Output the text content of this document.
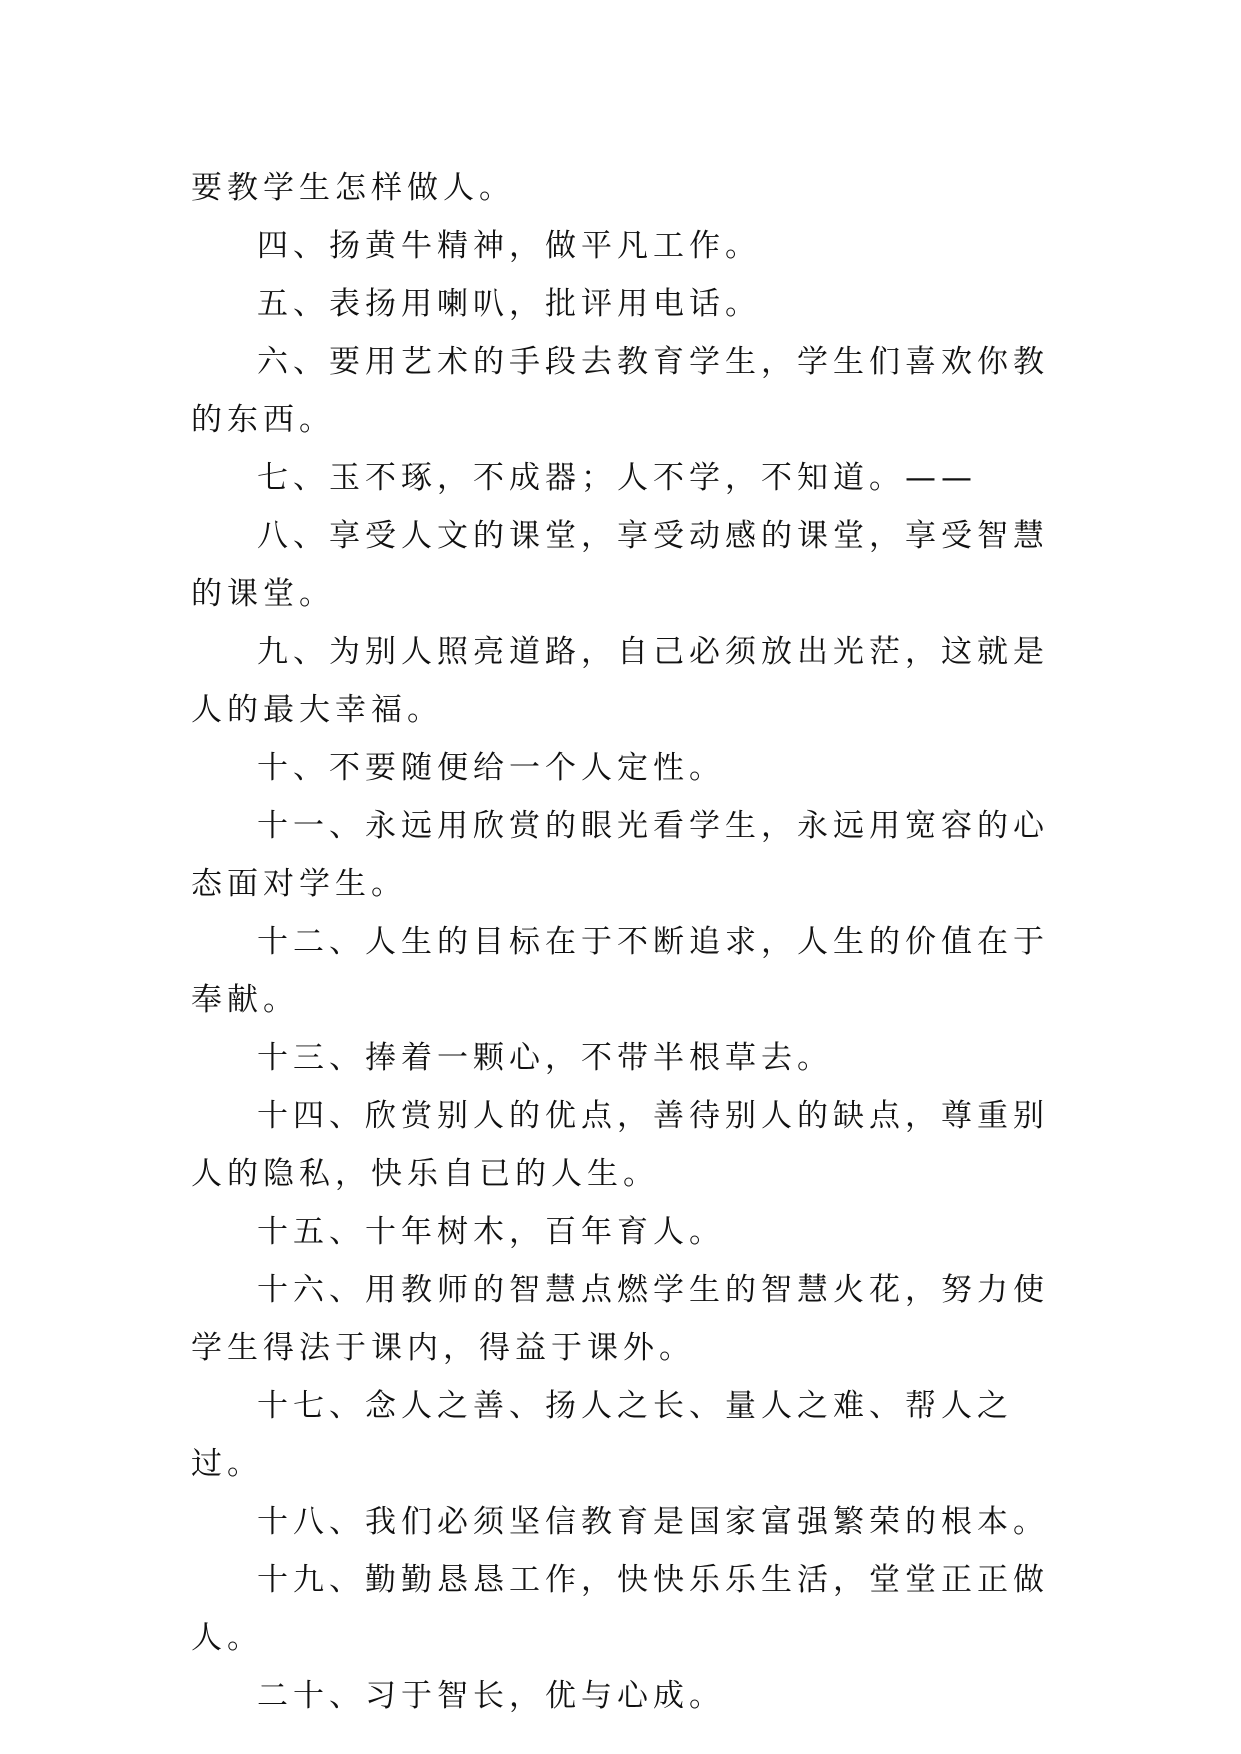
要教学生怎样做人。

四、扬黄牛精神，做平凡工作。

五、表扬用喇叭，批评用电话。

六、要用艺术的手段去教育学生，学生们喜欢你教的东西。

七、玉不琢，不成器；人不学，不知道。——

八、享受人文的课堂，享受动感的课堂，享受智慧的课堂。

九、为别人照亮道路，自己必须放出光茫，这就是人的最大幸福。

十、不要随便给一个人定性。

十一、永远用欣赏的眼光看学生，永远用宽容的心态面对学生。

十二、人生的目标在于不断追求，人生的价值在于奉献。

十三、捧着一颗心，不带半根草去。

十四、欣赏别人的优点，善待别人的缺点，尊重别人的隐私，快乐自已的人生。

十五、十年树木，百年育人。

十六、用教师的智慧点燃学生的智慧火花，努力使学生得法于课内，得益于课外。

十七、念人之善、扬人之长、量人之难、帮人之过。

十八、我们必须坚信教育是国家富强繁荣的根本。

十九、勤勤恳恳工作，快快乐乐生活，堂堂正正做人。

二十、习于智长，优与心成。
